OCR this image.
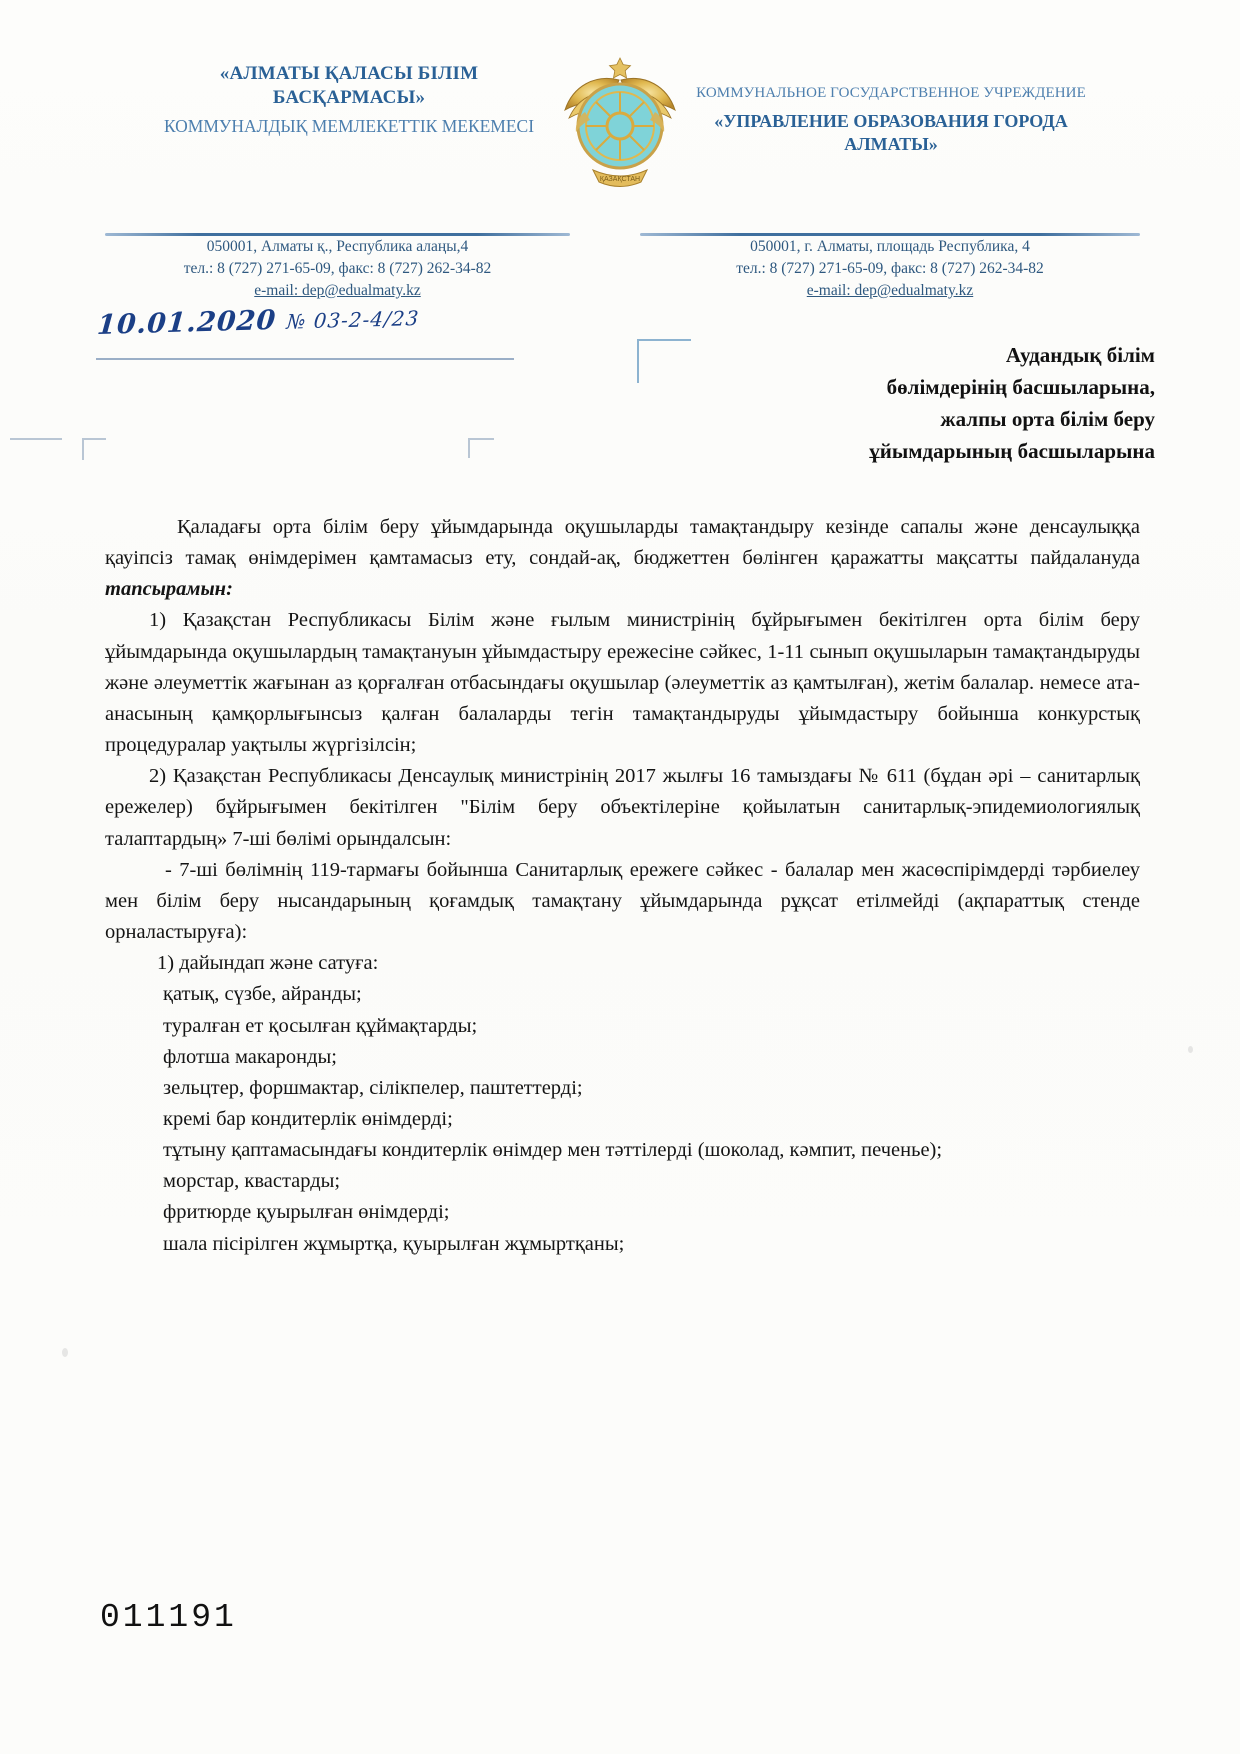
«АЛМАТЫ ҚАЛАСЫ БІЛІМ БАСҚАРМАСЫ»
КОММУНАЛДЫҚ МЕМЛЕКЕТТІК МЕКЕМЕСІ
ҚАЗАҚСТАН
КОММУНАЛЬНОЕ ГОСУДАРСТВЕННОЕ УЧРЕЖДЕНИЕ
«УПРАВЛЕНИЕ ОБРАЗОВАНИЯ ГОРОДА АЛМАТЫ»
050001, Алматы қ., Республика алаңы,4
тел.: 8 (727) 271-65-09, факс: 8 (727) 262-34-82
e-mail: dep@edualmaty.kz
050001, г. Алматы, площадь Республика, 4
тел.: 8 (727) 271-65-09, факс: 8 (727) 262-34-82
e-mail: dep@edualmaty.kz
10.01.2020 № 03-2-4/23
Аудандық білім
бөлімдерінің басшыларына,
жалпы орта білім беру
ұйымдарының басшыларына

Қаладағы орта білім беру ұйымдарында оқушыларды тамақтандыру кезінде сапалы және денсаулыққа қауіпсіз тамақ өнімдерімен қамтамасыз ету, сондай-ақ, бюджеттен бөлінген қаражатты мақсатты пайдалануда тапсырамын:

1) Қазақстан Республикасы Білім және ғылым министрінің бұйрығымен бекітілген орта білім беру ұйымдарында оқушылардың тамақтануын ұйымдастыру ережесіне сәйкес, 1-11 сынып оқушыларын тамақтандыруды және әлеуметтік жағынан аз қорғалған отбасындағы оқушылар (әлеуметтік аз қамтылған), жетім балалар. немесе ата-анасының қамқорлығынсыз қалған балаларды тегін тамақтандыруды ұйымдастыру бойынша конкурстық процедуралар уақтылы жүргізілсін;

2) Қазақстан Республикасы Денсаулық министрінің 2017 жылғы 16 тамыздағы № 611 (бұдан әрі – санитарлық ережелер) бұйрығымен бекітілген "Білім беру объектілеріне қойылатын санитарлық-эпидемиологиялық талаптардың» 7-ші бөлімі орындалсын:

- 7-ші бөлімнің 119-тармағы бойынша Санитарлық ережеге сәйкес - балалар мен жасөспірімдерді тәрбиелеу мен білім беру нысандарының қоғамдық тамақтану ұйымдарында рұқсат етілмейді (ақпараттық стенде орналастыруға):

1) дайындап және сатуға:

қатық, сүзбе, айранды;

туралған ет қосылған құймақтарды;

флотша макаронды;

зельцтер, форшмактар, сілікпелер, паштеттерді;

кремі бар кондитерлік өнімдерді;

тұтыну қаптамасындағы кондитерлік өнімдер мен тәттілерді (шоколад, кәмпит, печенье);

морстар, квастарды;

фритюрде қуырылған өнімдерді;

шала пісірілген жұмыртқа, қуырылған жұмыртқаны;

011191
